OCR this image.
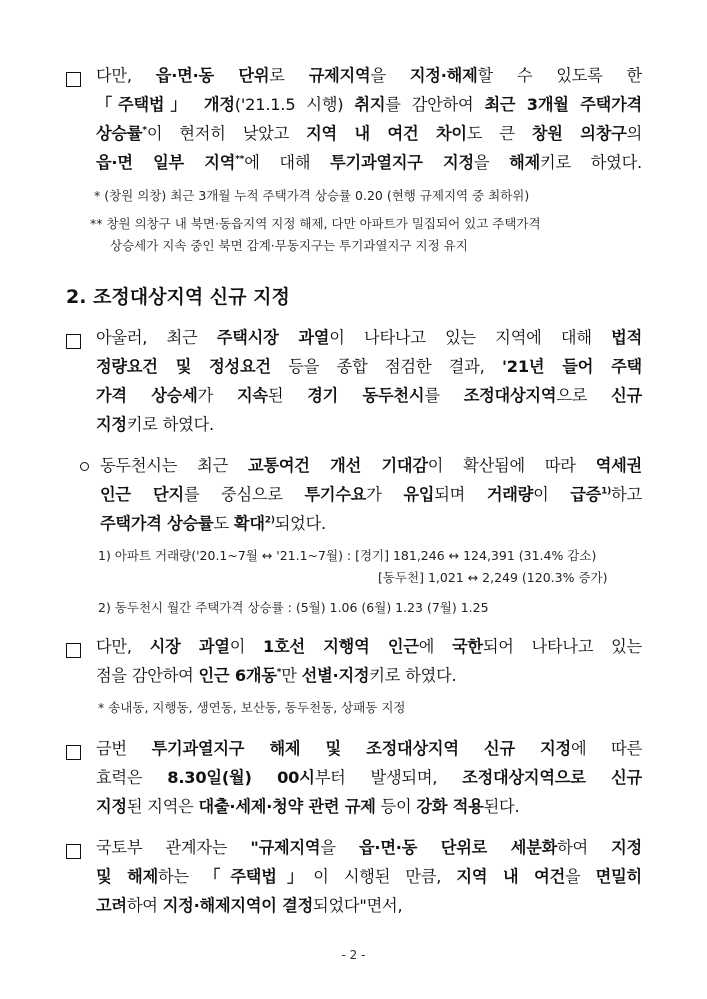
다만, 읍·면·동 단위로 규제지역을 지정·해제할 수 있도록 한
「주택법」 개정('21.1.5 시행) 취지를 감안하여 최근 3개월 주택가격
상승률*이 현저히 낮았고 지역 내 여건 차이도 큰 창원 의창구의
읍·면 일부 지역**에 대해 투기과열지구 지정을 해제키로 하였다.
* (창원 의창) 최근 3개월 누적 주택가격 상승률 0.20 (현행 규제지역 중 최하위)
** 창원 의창구 내 북면·동읍지역 지정 해제, 다만 아파트가 밀집되어 있고 주택가격
상승세가 지속 중인 북면 감계·무동지구는 투기과열지구 지정 유지
2. 조정대상지역 신규 지정
아울러, 최근 주택시장 과열이 나타나고 있는 지역에 대해 법적
정량요건 및 정성요건 등을 종합 점검한 결과, '21년 들어 주택
가격 상승세가 지속된 경기 동두천시를 조정대상지역으로 신규
지정키로 하였다.
동두천시는 최근 교통여건 개선 기대감이 확산됨에 따라 역세권
인근 단지를 중심으로 투기수요가 유입되며 거래량이 급증$^{1)}$하고
주택가격 상승률도 확대$^{2)}$되었다.
1) 아파트 거래량('20.1~7월 ↔ '21.1~7월) : [경기] 181,246 ↔ 124,391 (31.4% 감소)
[동두천] 1,021 ↔ 2,249 (120.3% 증가)
2) 동두천시 월간 주택가격 상승률 : (5월) 1.06 (6월) 1.23 (7월) 1.25
다만, 시장 과열이 1호선 지행역 인근에 국한되어 나타나고 있는
점을 감안하여 인근 6개동*만 선별·지정키로 하였다.
* 송내동, 지행동, 생연동, 보산동, 동두천동, 상패동 지정
금번 투기과열지구 해제 및 조정대상지역 신규 지정에 따른
효력은 8.30일(월) 00시부터 발생되며, 조정대상지역으로 신규
지정된 지역은 대출·세제·청약 관련 규제 등이 강화 적용된다.
국토부 관계자는 "규제지역을 읍·면·동 단위로 세분화하여 지정
및 해제하는 「주택법」이 시행된 만큼, 지역 내 여건을 면밀히
고려하여 지정·해제지역이 결정되었다"면서,
- 2 -
